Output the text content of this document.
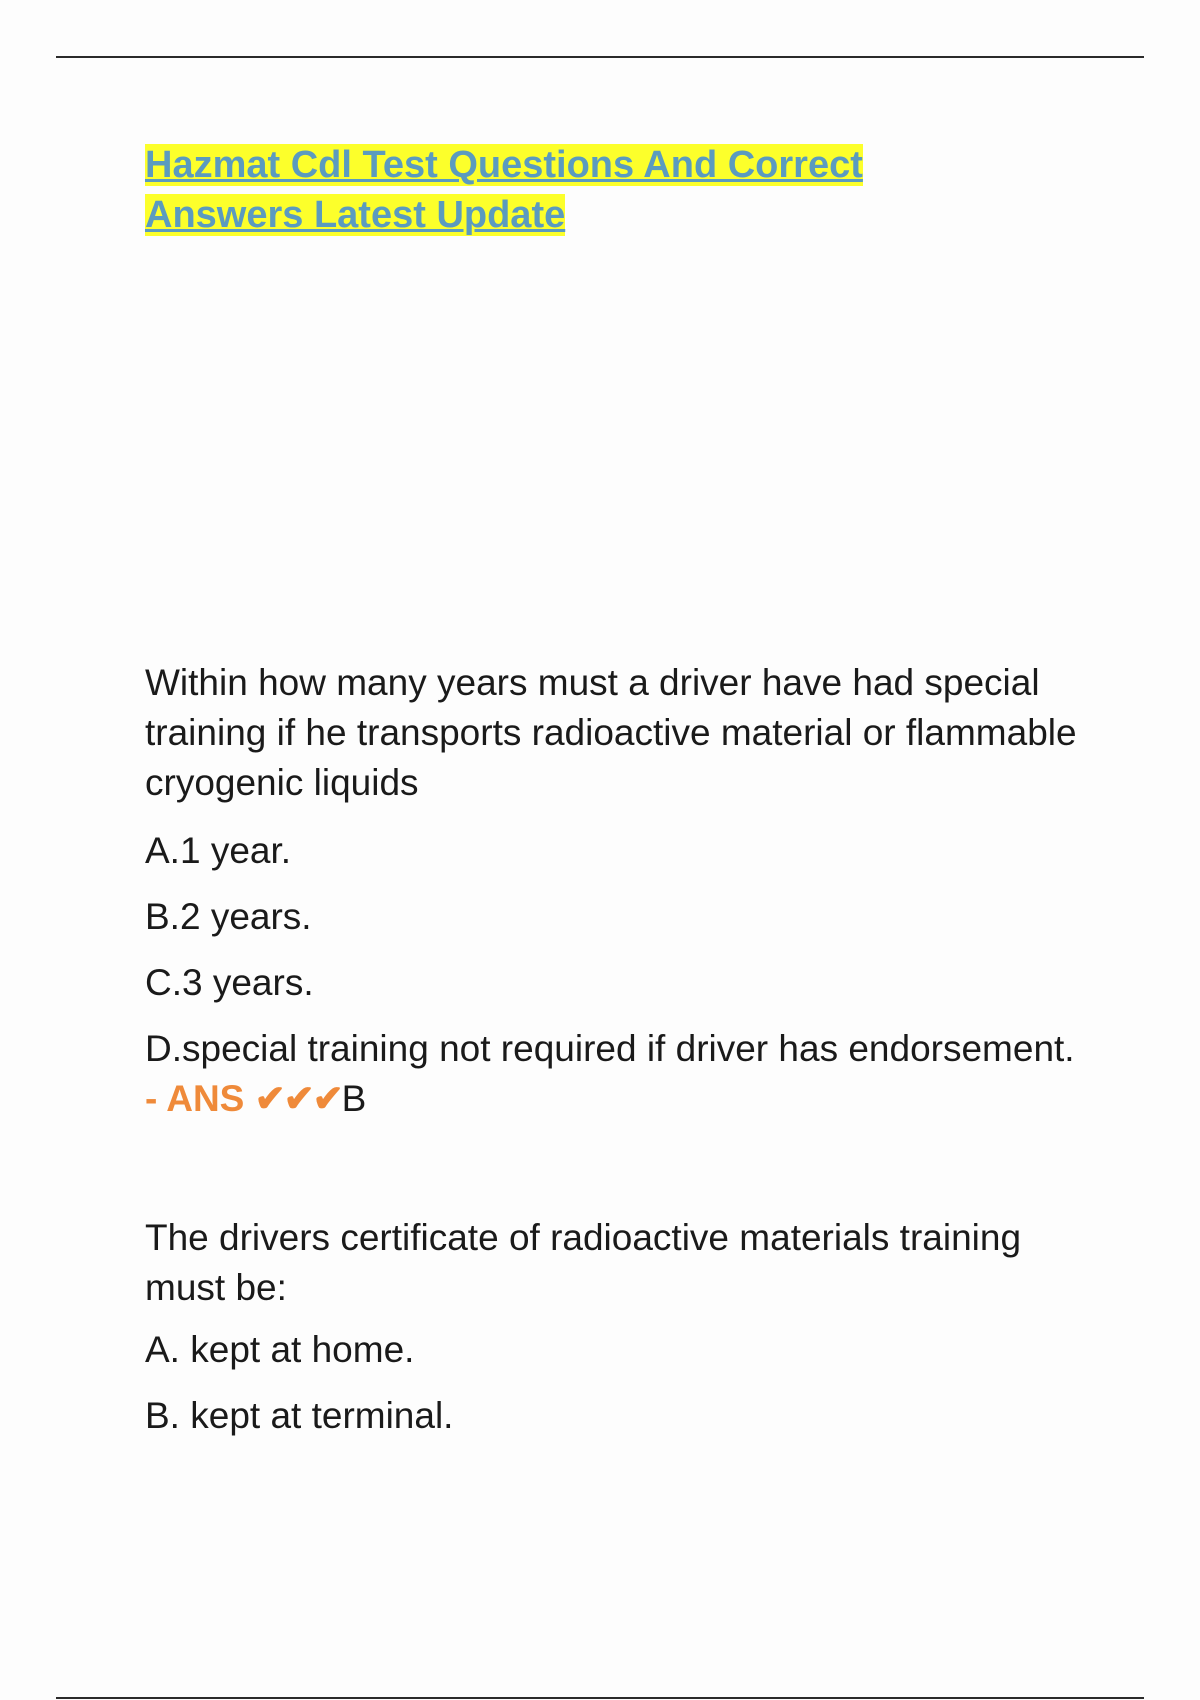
Hazmat Cdl Test Questions And Correct
Answers Latest Update

Within how many years must a driver have had special training if he transports radioactive material or flammable cryogenic liquids

A.1 year.

B.2 years.

C.3 years.

D.special training not required if driver has endorsement. - ANS ✔✔✔B

The drivers certificate of radioactive materials training must be:

A. kept at home.

B. kept at terminal.
